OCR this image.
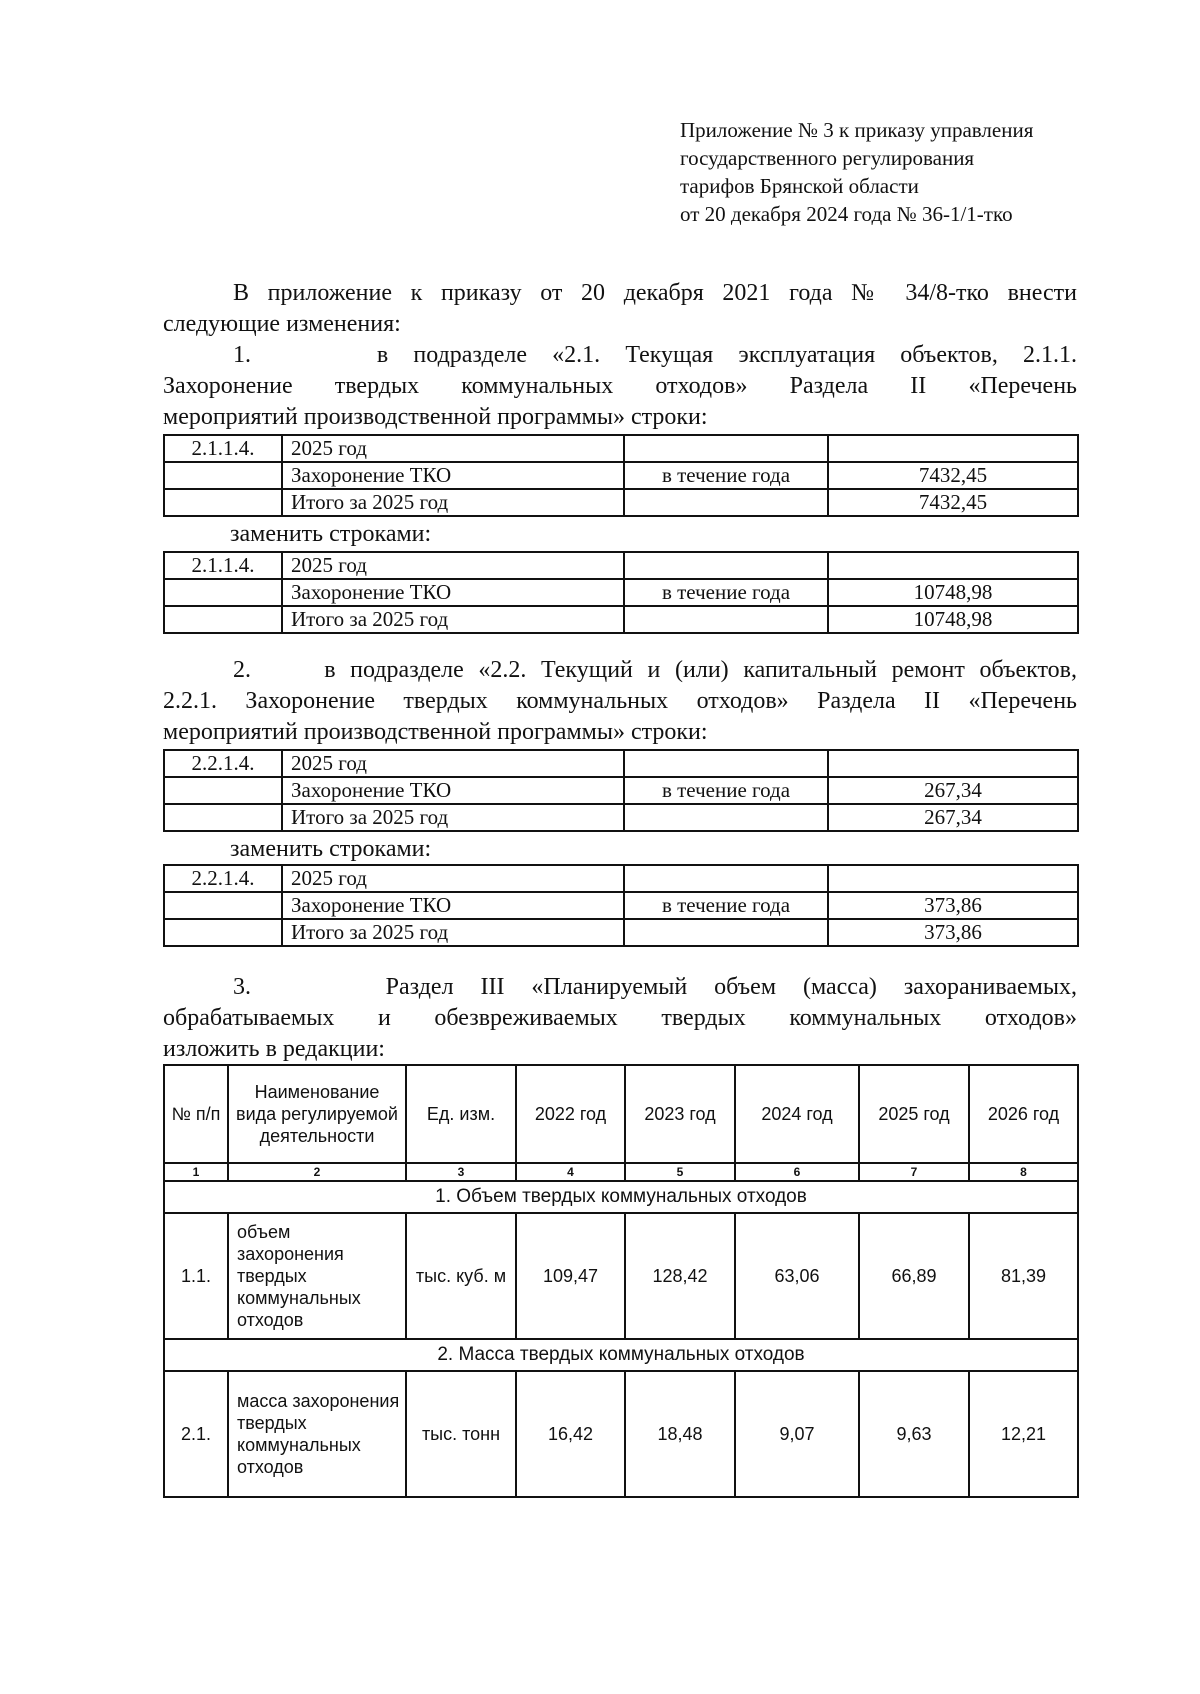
Приложение № 3 к приказу управления
государственного регулирования
тарифов Брянской области
от 20 декабря 2024 года № 36-1/1-тко
В приложение к приказу от 20 декабря 2021 года № 34/8-тко внести
следующие изменения:
1.     в подразделе «2.1. Текущая эксплуатация объектов, 2.1.1.
Захоронение твердых коммунальных отходов» Раздела II «Перечень
мероприятий производственной программы» строки:
2.1.1.4.	2025 год		
	Захоронение ТКО	в течение года	7432,45
	Итого за 2025 год		7432,45
заменить строками:
2.1.1.4.	2025 год		
	Захоронение ТКО	в течение года	10748,98
	Итого за 2025 год		10748,98
2.     в подразделе «2.2. Текущий и (или) капитальный ремонт объектов,
2.2.1. Захоронение твердых коммунальных отходов» Раздела II «Перечень
мероприятий производственной программы» строки:
2.2.1.4.	2025 год		
	Захоронение ТКО	в течение года	267,34
	Итого за 2025 год		267,34
заменить строками:
2.2.1.4.	2025 год		
	Захоронение ТКО	в течение года	373,86
	Итого за 2025 год		373,86
3.     Раздел III «Планируемый объем (масса) захораниваемых,
обрабатываемых и обезвреживаемых твердых коммунальных отходов»
изложить в редакции:
№ п/п	Наименование вида регулируемой деятельности	Ед. изм.	2022 год	2023 год	2024 год	2025 год	2026 год
1	2	3	4	5	6	7	8
1. Объем твердых коммунальных отходов							
1.1.	объем захоронения твердых коммунальных отходов	тыс. куб. м	109,47	128,42	63,06	66,89	81,39
2. Масса твердых коммунальных отходов							
2.1.	масса захоронения твердых коммунальных отходов	тыс. тонн	16,42	18,48	9,07	9,63	12,21
